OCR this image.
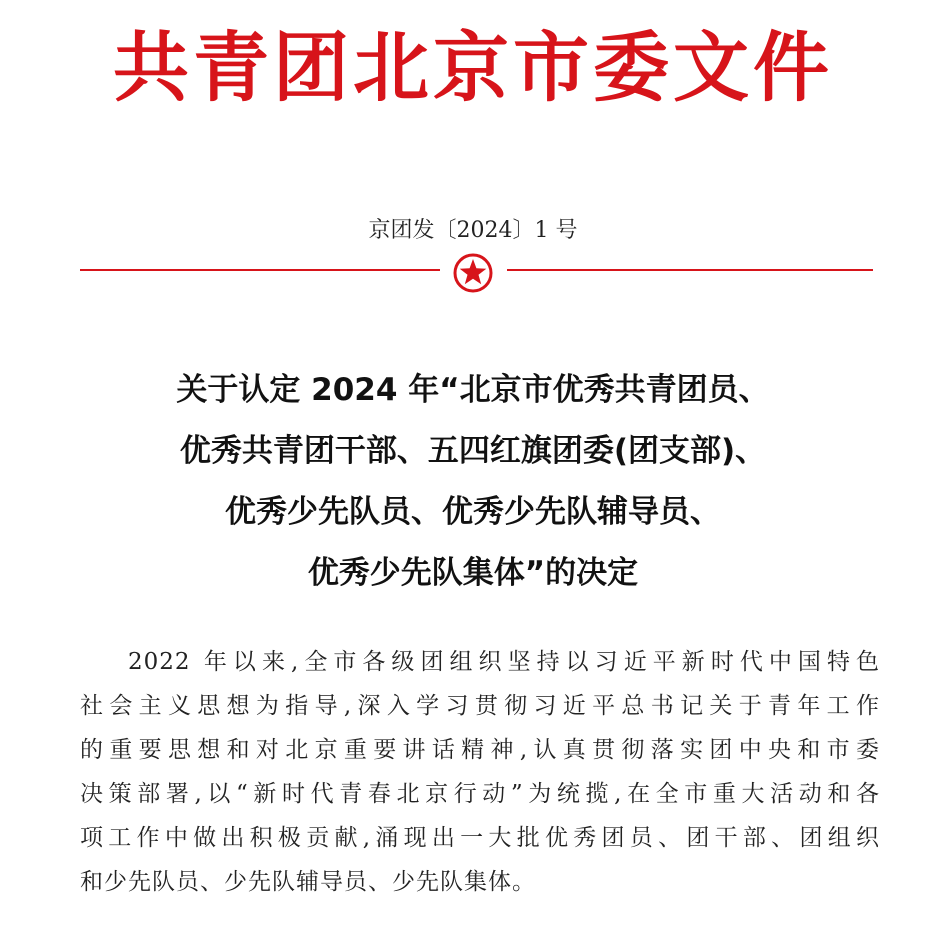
共青团北京市委文件
京团发〔2024〕1 号
关于认定 2024 年“北京市优秀共青团员、
优秀共青团干部、五四红旗团委(团支部)、
优秀少先队员、优秀少先队辅导员、
优秀少先队集体”的决定
2022 年以来,全市各级团组织坚持以习近平新时代中国特色
社会主义思想为指导,深入学习贯彻习近平总书记关于青年工作
的重要思想和对北京重要讲话精神,认真贯彻落实团中央和市委
决策部署,以“新时代青春北京行动”为统揽,在全市重大活动和各
项工作中做出积极贡献,涌现出一大批优秀团员、团干部、团组织
和少先队员、少先队辅导员、少先队集体。
